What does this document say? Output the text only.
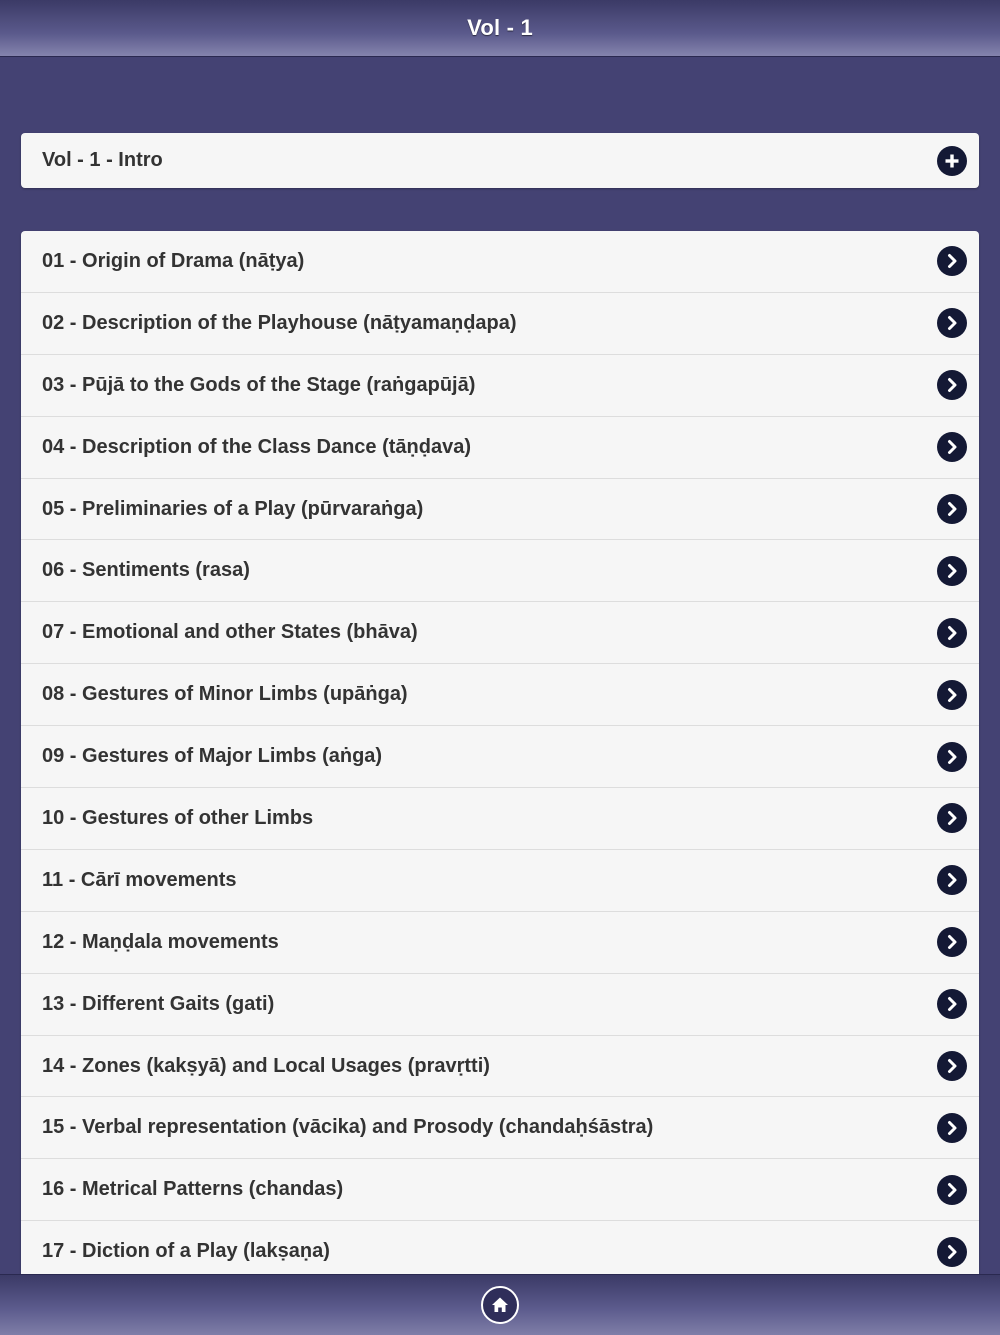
Vol - 1
Vol - 1 - Intro
01 - Origin of Drama (nāṭya)
02 - Description of the Playhouse (nāṭyamaṇḍapa)
03 - Pūjā to the Gods of the Stage (raṅgapūjā)
04 - Description of the Class Dance (tāṇḍava)
05 - Preliminaries of a Play (pūrvaraṅga)
06 - Sentiments (rasa)
07 - Emotional and other States (bhāva)
08 - Gestures of Minor Limbs (upāṅga)
09 - Gestures of Major Limbs (aṅga)
10 - Gestures of other Limbs
11 - Cārī movements
12 - Maṇḍala movements
13 - Different Gaits (gati)
14 - Zones (kakṣyā) and Local Usages (pravṛtti)
15 - Verbal representation (vācika) and Prosody (chandaḥśāstra)
16 - Metrical Patterns (chandas)
17 - Diction of a Play (lakṣaṇa)
